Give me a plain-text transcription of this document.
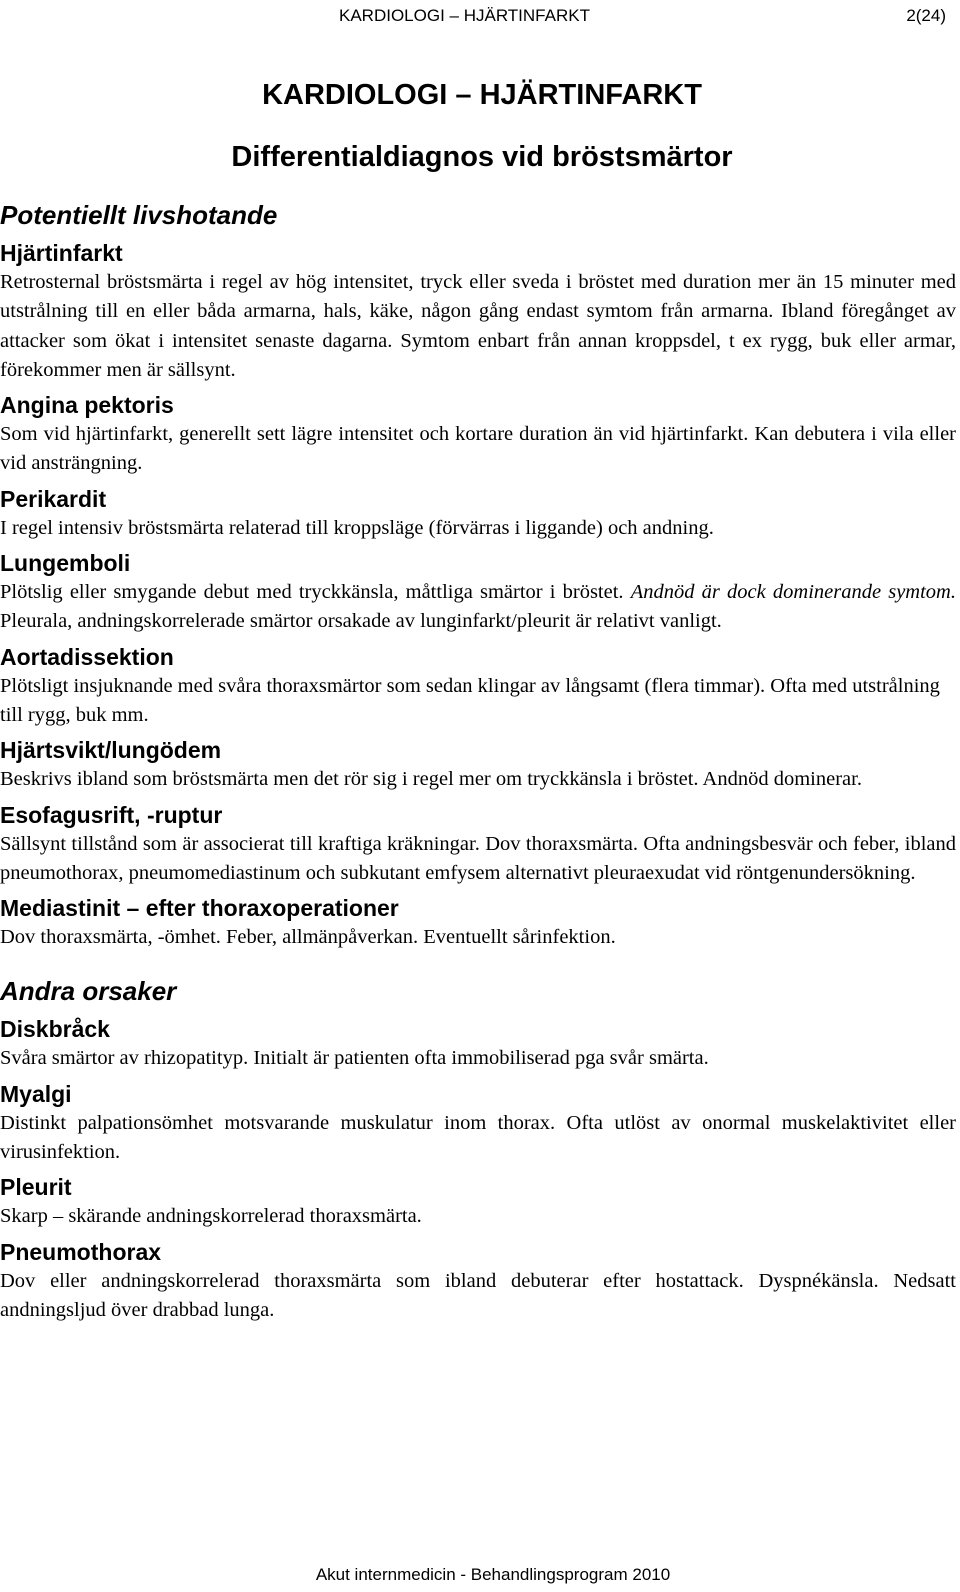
KARDIOLOGI – HJÄRTINFARKT	2(24)
KARDIOLOGI – HJÄRTINFARKT
Differentialdiagnos vid bröstsmärtor
Potentiellt livshotande
Hjärtinfarkt

Retrosternal bröstsmärta i regel av hög intensitet, tryck eller sveda i bröstet med duration mer än 15 minuter med utstrålning till en eller båda armarna, hals, käke, någon gång endast symtom från armarna. Ibland föregånget av attacker som ökat i intensitet senaste dagarna. Symtom enbart från annan kroppsdel, t ex rygg, buk eller armar, förekommer men är sällsynt.

Angina pektoris

Som vid hjärtinfarkt, generellt sett lägre intensitet och kortare duration än vid hjärtinfarkt. Kan debutera i vila eller vid ansträngning.

Perikardit

I regel intensiv bröstsmärta relaterad till kroppsläge (förvärras i liggande) och andning.

Lungemboli

Plötslig eller smygande debut med tryckkänsla, måttliga smärtor i bröstet. Andnöd är dock dominerande symtom. Pleurala, andningskorrelerade smärtor orsakade av lunginfarkt/pleurit är relativt vanligt.

Aortadissektion

Plötsligt insjuknande med svåra thoraxsmärtor som sedan klingar av långsamt (flera timmar). Ofta med utstrålning till rygg, buk mm.

Hjärtsvikt/lungödem

Beskrivs ibland som bröstsmärta men det rör sig i regel mer om tryckkänsla i bröstet. Andnöd dominerar.

Esofagusrift, -ruptur

Sällsynt tillstånd som är associerat till kraftiga kräkningar. Dov thoraxsmärta. Ofta andningsbesvär och feber, ibland pneumothorax, pneumomediastinum och subkutant emfysem alternativt pleuraexudat vid röntgenundersökning.

Mediastinit – efter thoraxoperationer

Dov thoraxsmärta, -ömhet. Feber, allmänpåverkan. Eventuellt sårinfektion.

Andra orsaker
Diskbråck

Svåra smärtor av rhizopatityp. Initialt är patienten ofta immobiliserad pga svår smärta.

Myalgi

Distinkt palpationsömhet motsvarande muskulatur inom thorax. Ofta utlöst av onormal muskelaktivitet eller virusinfektion.

Pleurit

Skarp – skärande andningskorrelerad thoraxsmärta.

Pneumothorax

Dov eller andningskorrelerad thoraxsmärta som ibland debuterar efter hostattack. Dyspnékänsla. Nedsatt andningsljud över drabbad lunga.

Akut internmedicin - Behandlingsprogram 2010
